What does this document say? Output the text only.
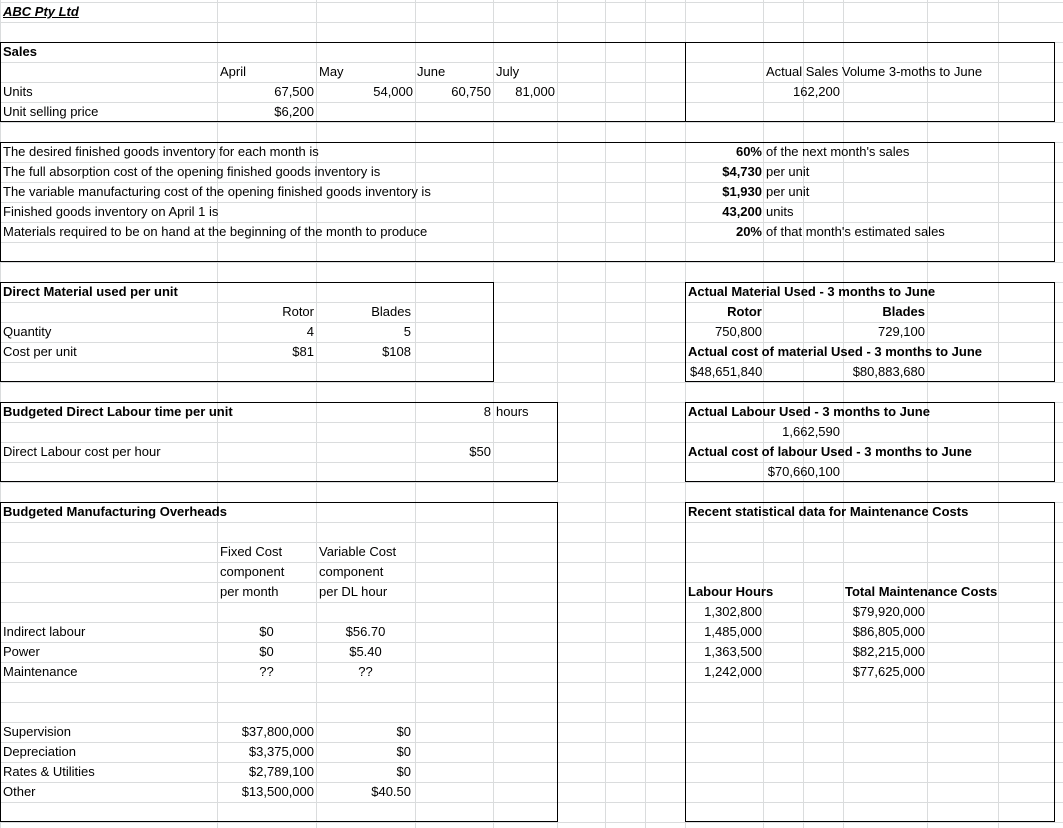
ABC Pty Ltd
Sales
April	May	June	July
Units	67,500	54,000	60,750	81,000
Unit selling price	$6,200
Actual Sales Volume 3-moths to June
162,200
The desired finished goods inventory for each month is	60% of the next month's sales
The full absorption cost of the opening finished goods inventory is	$4,730 per unit
The variable manufacturing cost of the opening finished goods inventory is	$1,930 per unit
Finished goods inventory on April 1 is	43,200 units
Materials required to be on hand at the beginning of the month to produce	20% of that month's estimated sales
Direct Material used per unit
Rotor	Blades
Quantity	4	5
Cost per unit	$81	$108
Actual Material Used - 3 months to June
Rotor	Blades
750,800	729,100
Actual cost of material Used - 3 months to June
$48,651,840	$80,883,680
Budgeted Direct Labour time per unit	8 hours
Direct Labour cost per hour	$50
Actual Labour Used - 3 months to June
1,662,590
Actual cost of labour Used - 3 months to June
$70,660,100
Budgeted Manufacturing Overheads
Fixed Cost
component
per month
Variable Cost
component
per DL hour
Indirect labour	$0	$56.70
Power	$0	$5.40
Maintenance	??	??
Supervision	$37,800,000	$0
Depreciation	$3,375,000	$0
Rates & Utilities	$2,789,100	$0
Other	$13,500,000	$40.50
Recent statistical data for Maintenance Costs
Labour Hours	Total Maintenance Costs
1,302,800	$79,920,000
1,485,000	$86,805,000
1,363,500	$82,215,000
1,242,000	$77,625,000
